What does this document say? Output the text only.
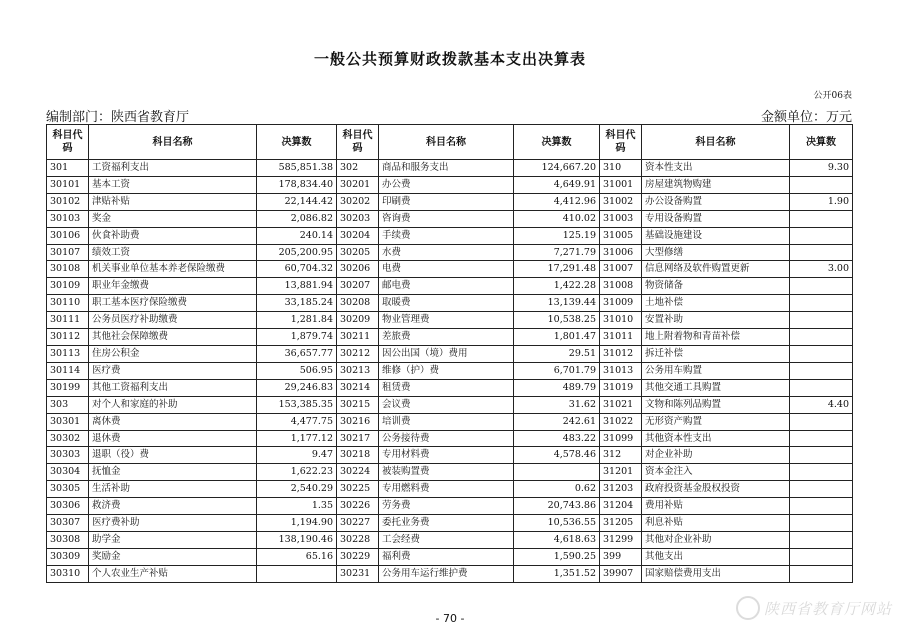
一般公共预算财政拨款基本支出决算表
公开06表
编制部门：陕西省教育厅	金额单位：万元
科目代码	科目名称	决算数	科目代码	科目名称	决算数	科目代码	科目名称	决算数
301	工资福利支出	585,851.38	302	商品和服务支出	124,667.20	310	资本性支出	9.30
30101	基本工资	178,834.40	30201	办公费	4,649.91	31001	房屋建筑物购建	
30102	津贴补贴	22,144.42	30202	印刷费	4,412.96	31002	办公设备购置	1.90
30103	奖金	2,086.82	30203	咨询费	410.02	31003	专用设备购置	
30106	伙食补助费	240.14	30204	手续费	125.19	31005	基础设施建设	
30107	绩效工资	205,200.95	30205	水费	7,271.79	31006	大型修缮	
30108	机关事业单位基本养老保险缴费	60,704.32	30206	电费	17,291.48	31007	信息网络及软件购置更新	3.00
30109	职业年金缴费	13,881.94	30207	邮电费	1,422.28	31008	物资储备	
30110	职工基本医疗保险缴费	33,185.24	30208	取暖费	13,139.44	31009	土地补偿	
30111	公务员医疗补助缴费	1,281.84	30209	物业管理费	10,538.25	31010	安置补助	
30112	其他社会保障缴费	1,879.74	30211	差旅费	1,801.47	31011	地上附着物和青苗补偿	
30113	住房公积金	36,657.77	30212	因公出国（境）费用	29.51	31012	拆迁补偿	
30114	医疗费	506.95	30213	维修（护）费	6,701.79	31013	公务用车购置	
30199	其他工资福利支出	29,246.83	30214	租赁费	489.79	31019	其他交通工具购置	
303	对个人和家庭的补助	153,385.35	30215	会议费	31.62	31021	文物和陈列品购置	4.40
30301	离休费	4,477.75	30216	培训费	242.61	31022	无形资产购置	
30302	退休费	1,177.12	30217	公务接待费	483.22	31099	其他资本性支出	
30303	退职（役）费	9.47	30218	专用材料费	4,578.46	312	对企业补助	
30304	抚恤金	1,622.23	30224	被装购置费		31201	资本金注入	
30305	生活补助	2,540.29	30225	专用燃料费	0.62	31203	政府投资基金股权投资	
30306	救济费	1.35	30226	劳务费	20,743.86	31204	费用补贴	
30307	医疗费补助	1,194.90	30227	委托业务费	10,536.55	31205	利息补贴	
30308	助学金	138,190.46	30228	工会经费	4,618.63	31299	其他对企业补助	
30309	奖励金	65.16	30229	福利费	1,590.25	399	其他支出	
30310	个人农业生产补贴		30231	公务用车运行维护费	1,351.52	39907	国家赔偿费用支出	
- 70 -
陕西省教育厅网站
